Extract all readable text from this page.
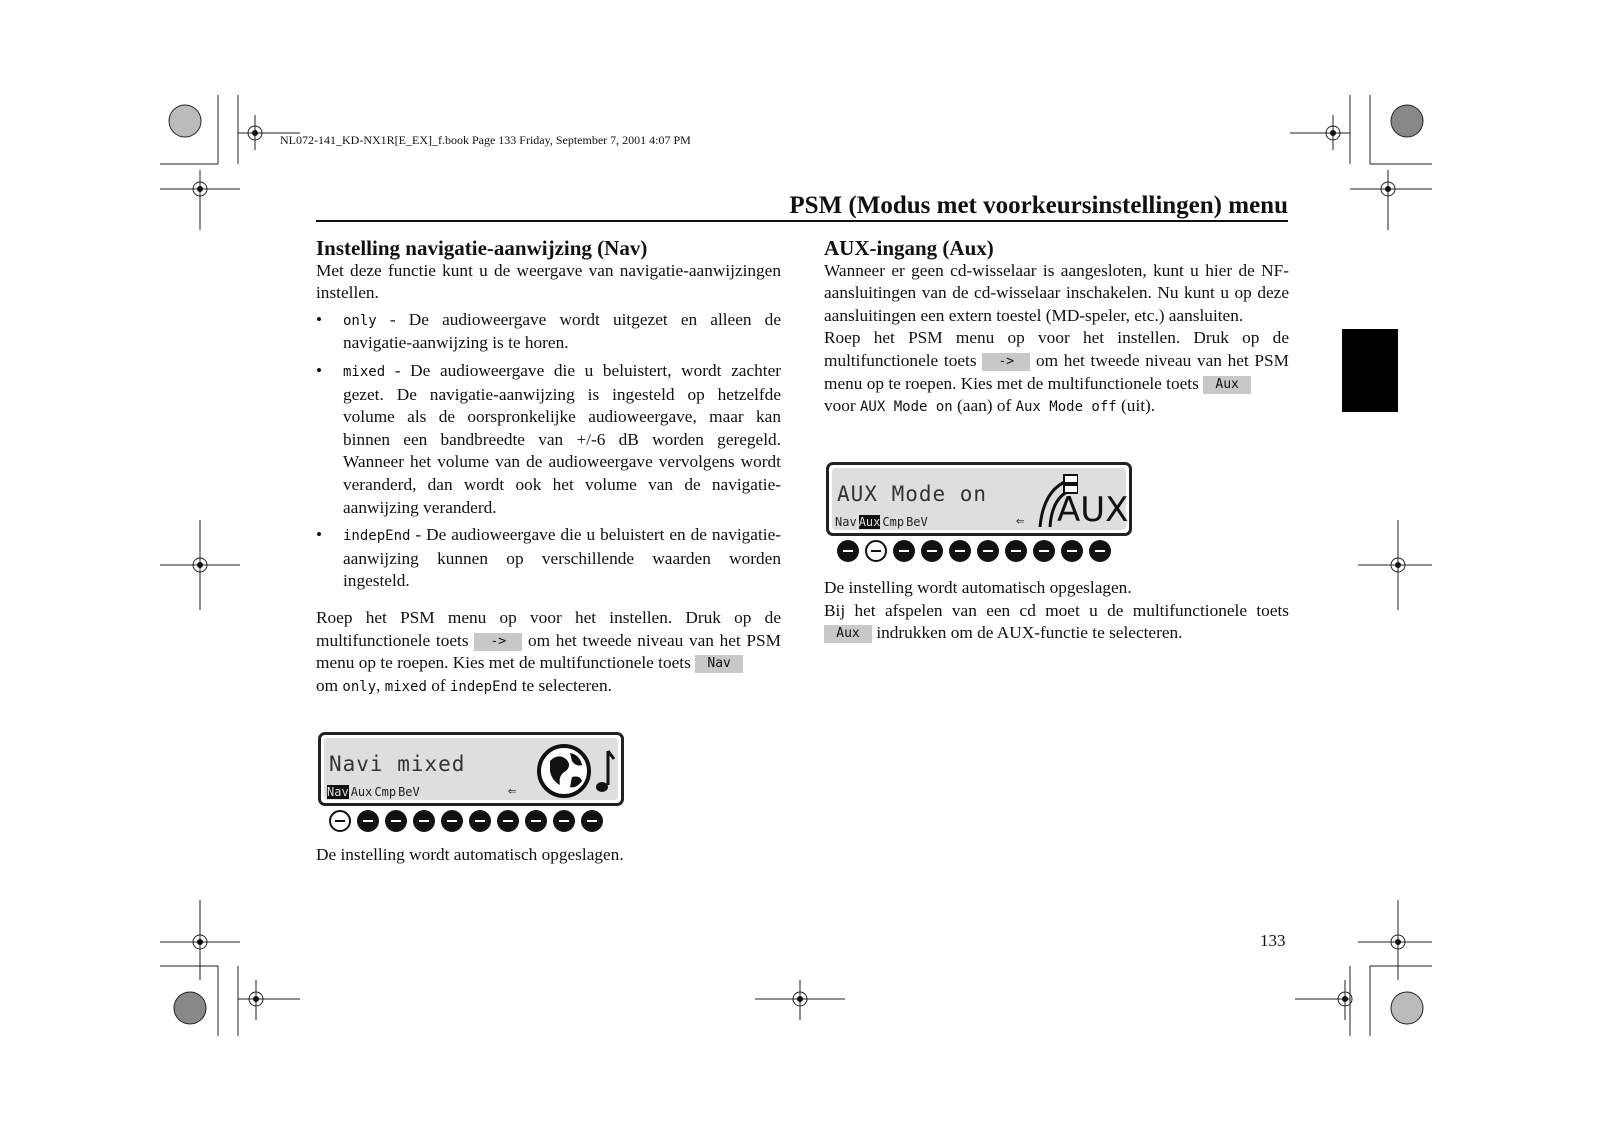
NL072-141_KD-NX1R[E_EX]_f.book Page 133 Friday, September 7, 2001 4:07 PM
PSM (Modus met voorkeursinstellingen) menu
Instelling navigatie-aanwijzing (Nav)

Met deze functie kunt u de weergave van navigatie-aanwijzingen instellen.

• only - De audioweergave wordt uitgezet en alleen de navigatie-aanwijzing is te horen.
• mixed - De audioweergave die u beluistert, wordt zachter gezet. De navigatie-aanwijzing is ingesteld op hetzelfde volume als de oorspronkelijke audioweergave, maar kan binnen een bandbreedte van +/-6 dB worden geregeld. Wanneer het volume van de audioweergave vervolgens wordt veranderd, dan wordt ook het volume van de navigatie-aanwijzing veranderd.
• indepEnd - De audioweergave die u beluistert en de navigatie-aanwijzing kunnen op verschillende waarden worden ingesteld.

Roep het PSM menu op voor het instellen. Druk op de multifunctionele toets -> om het tweede niveau van het PSM menu op te roepen. Kies met de multifunctionele toets Nav
om only, mixed of indepEnd te selecteren.

Navi mixed
Nav Aux Cmp BeV	⇐
De instelling wordt automatisch opgeslagen.
AUX-ingang (Aux)

Wanneer er geen cd-wisselaar is aangesloten, kunt u hier de NF-aansluitingen van de cd-wisselaar inschakelen. Nu kunt u op deze aansluitingen een extern toestel (MD-speler, etc.) aansluiten.

Roep het PSM menu op voor het instellen. Druk op de multifunctionele toets -> om het tweede niveau van het PSM menu op te roepen. Kies met de multifunctionele toets Aux
voor AUX Mode on (aan) of Aux Mode off (uit).

AUX Mode on
Nav Aux Cmp BeV	⇐ AUX

De instelling wordt automatisch opgeslagen.

Bij het afspelen van een cd moet u de multifunctionele toets Aux indrukken om de AUX-functie te selecteren.

133
